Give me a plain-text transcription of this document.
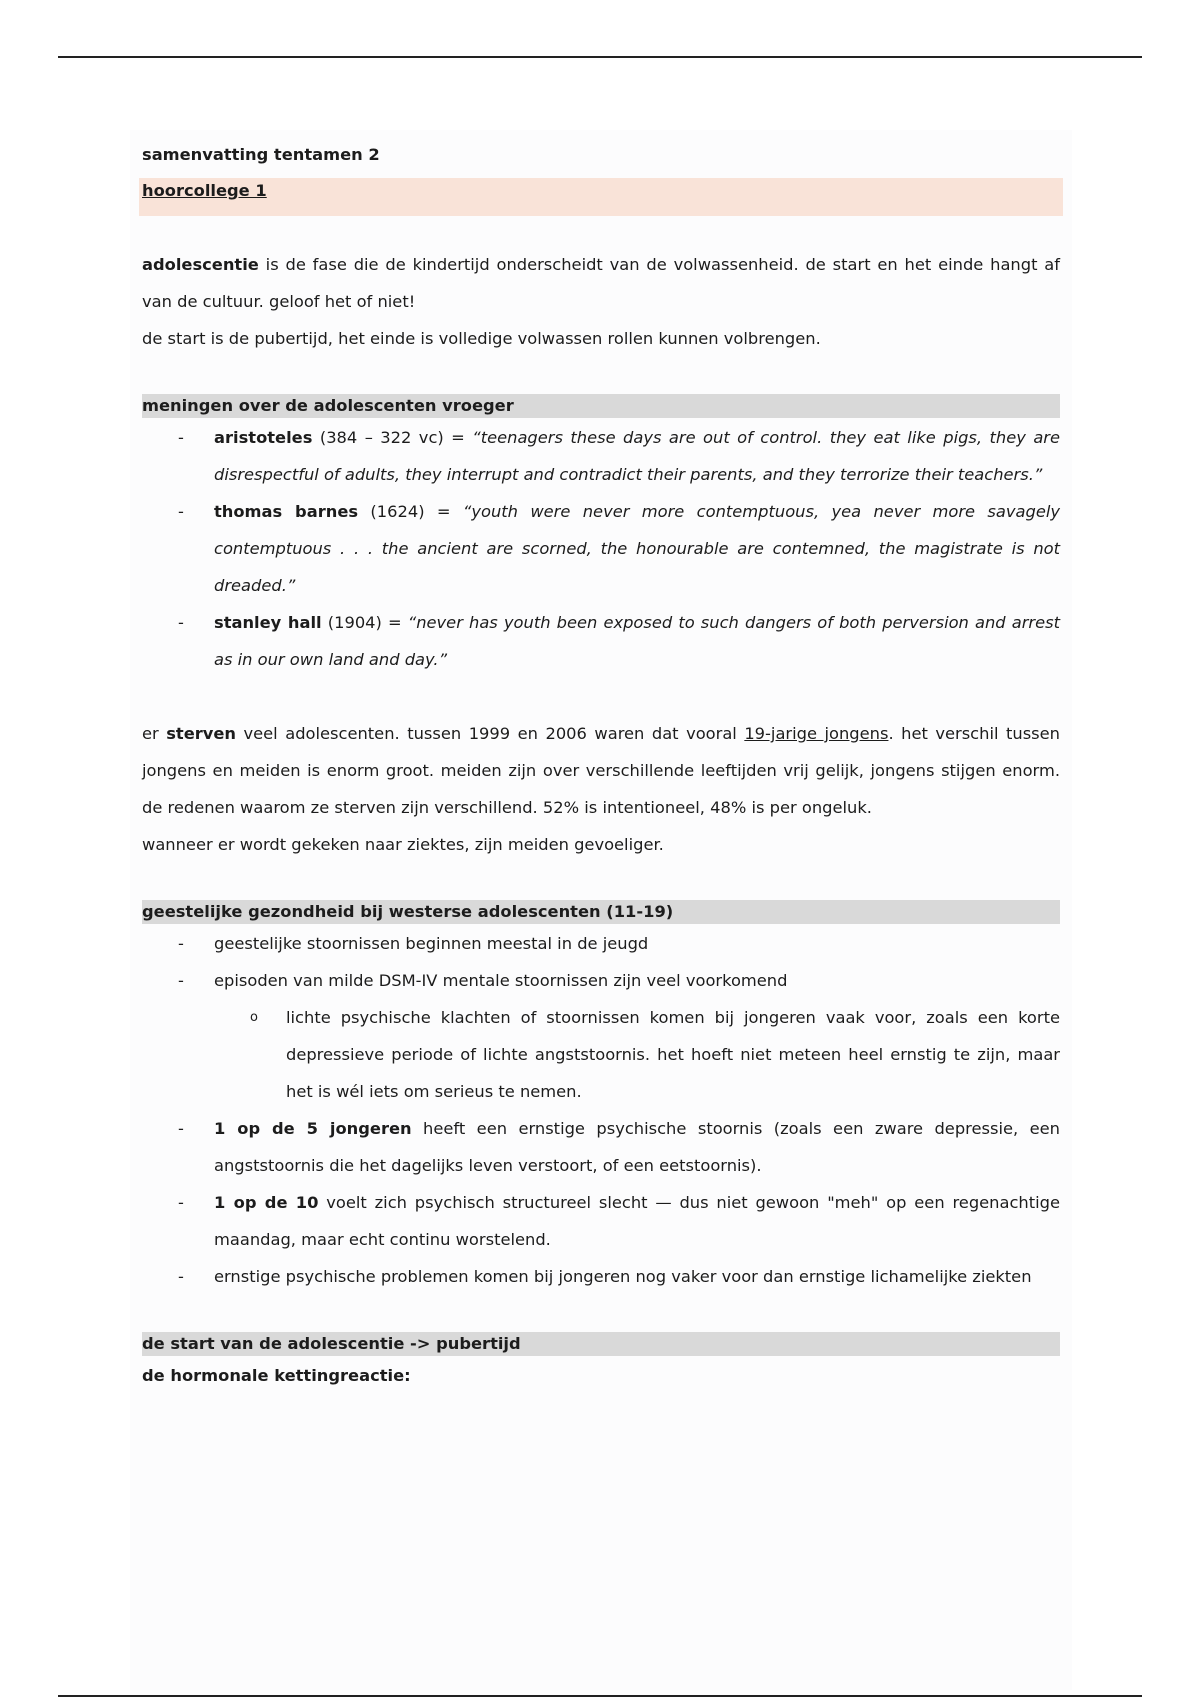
samenvatting tentamen 2
hoorcollege 1

adolescentie is de fase die de kindertijd onderscheidt van de volwassenheid. de start en het einde hangt af van de cultuur. geloof het of niet!

de start is de pubertijd, het einde is volledige volwassen rollen kunnen volbrengen.

meningen over de adolescenten vroeger
- aristoteles (384 – 322 vc) = “teenagers these days are out of control. they eat like pigs, they are disrespectful of adults, they interrupt and contradict their parents, and they terrorize their teachers.”
- thomas barnes (1624) = “youth were never more contemptuous, yea never more savagely contemptuous . . . the ancient are scorned, the honourable are contemned, the magistrate is not dreaded.”
- stanley hall (1904) = “never has youth been exposed to such dangers of both perversion and arrest as in our own land and day.”

er sterven veel adolescenten. tussen 1999 en 2006 waren dat vooral 19-jarige jongens. het verschil tussen jongens en meiden is enorm groot. meiden zijn over verschillende leeftijden vrij gelijk, jongens stijgen enorm. de redenen waarom ze sterven zijn verschillend. 52% is intentioneel, 48% is per ongeluk.

wanneer er wordt gekeken naar ziektes, zijn meiden gevoeliger.

geestelijke gezondheid bij westerse adolescenten (11-19)
- geestelijke stoornissen beginnen meestal in de jeugd
- episoden van milde DSM-IV mentale stoornissen zijn veel voorkomend
o lichte psychische klachten of stoornissen komen bij jongeren vaak voor, zoals een korte depressieve periode of lichte angststoornis. het hoeft niet meteen heel ernstig te zijn, maar het is wél iets om serieus te nemen.
- 1 op de 5 jongeren heeft een ernstige psychische stoornis (zoals een zware depressie, een angststoornis die het dagelijks leven verstoort, of een eetstoornis).
- 1 op de 10 voelt zich psychisch structureel slecht — dus niet gewoon "meh" op een regenachtige maandag, maar echt continu worstelend.
- ernstige psychische problemen komen bij jongeren nog vaker voor dan ernstige lichamelijke ziekten
de start van de adolescentie -> pubertijd
de hormonale kettingreactie:
